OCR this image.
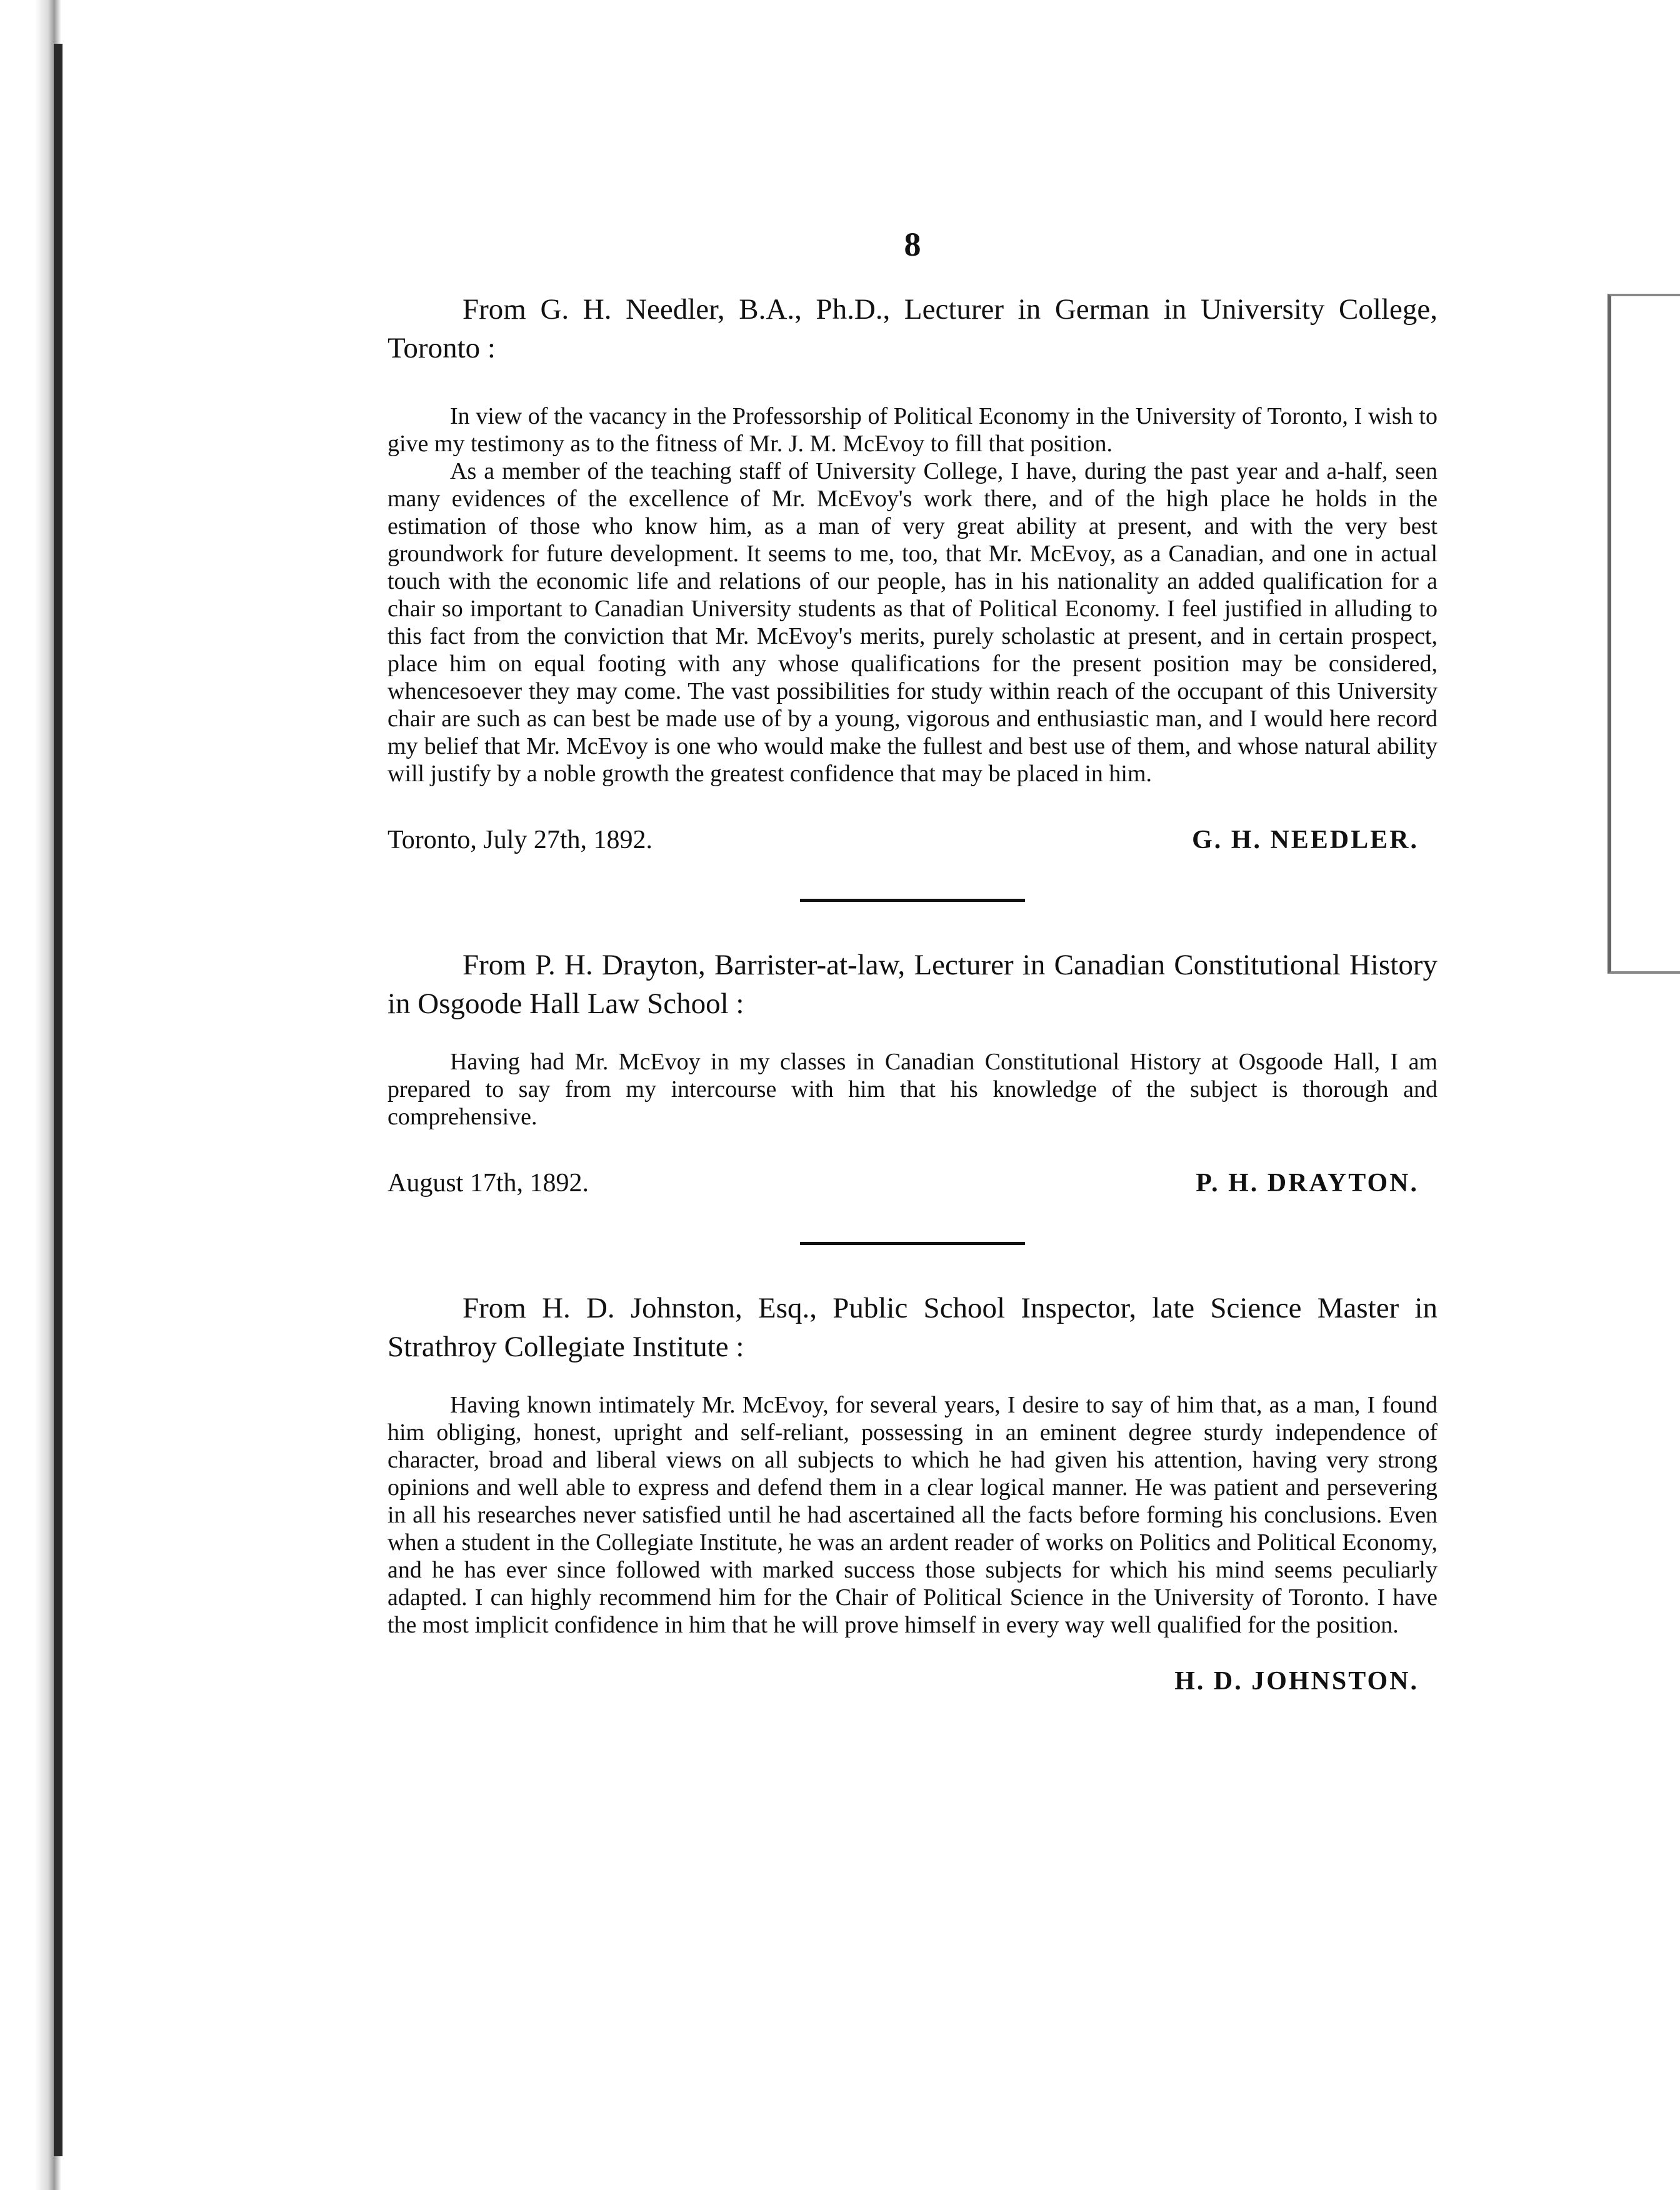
8

From G. H. Needler, B.A., Ph.D., Lecturer in German in University College, Toronto :

In view of the vacancy in the Professorship of Political Economy in the University of Toronto, I wish to give my testimony as to the fitness of Mr. J. M. McEvoy to fill that position.

As a member of the teaching staff of University College, I have, during the past year and a-half, seen many evidences of the excellence of Mr. McEvoy's work there, and of the high place he holds in the estimation of those who know him, as a man of very great ability at present, and with the very best groundwork for future development. It seems to me, too, that Mr. McEvoy, as a Canadian, and one in actual touch with the economic life and relations of our people, has in his nationality an added qualification for a chair so important to Canadian University students as that of Political Economy. I feel justified in alluding to this fact from the conviction that Mr. McEvoy's merits, purely scholastic at present, and in certain prospect, place him on equal footing with any whose qualifications for the present position may be considered, whencesoever they may come. The vast possibilities for study within reach of the occupant of this University chair are such as can best be made use of by a young, vigorous and enthusiastic man, and I would here record my belief that Mr. McEvoy is one who would make the fullest and best use of them, and whose natural ability will justify by a noble growth the greatest confidence that may be placed in him.

Toronto, July 27th, 1892.	G. H. NEEDLER.

From P. H. Drayton, Barrister-at-law, Lecturer in Canadian Constitutional History in Osgoode Hall Law School :

Having had Mr. McEvoy in my classes in Canadian Constitutional History at Osgoode Hall, I am prepared to say from my intercourse with him that his knowledge of the subject is thorough and comprehensive.

August 17th, 1892.	P. H. DRAYTON.

From H. D. Johnston, Esq., Public School Inspector, late Science Master in Strathroy Collegiate Institute :

Having known intimately Mr. McEvoy, for several years, I desire to say of him that, as a man, I found him obliging, honest, upright and self-reliant, possessing in an eminent degree sturdy independence of character, broad and liberal views on all subjects to which he had given his attention, having very strong opinions and well able to express and defend them in a clear logical manner. He was patient and persevering in all his researches never satisfied until he had ascertained all the facts before forming his conclusions. Even when a student in the Collegiate Institute, he was an ardent reader of works on Politics and Political Economy, and he has ever since followed with marked success those subjects for which his mind seems peculiarly adapted. I can highly recommend him for the Chair of Political Science in the University of Toronto. I have the most implicit confidence in him that he will prove himself in every way well qualified for the position.

H. D. JOHNSTON.
